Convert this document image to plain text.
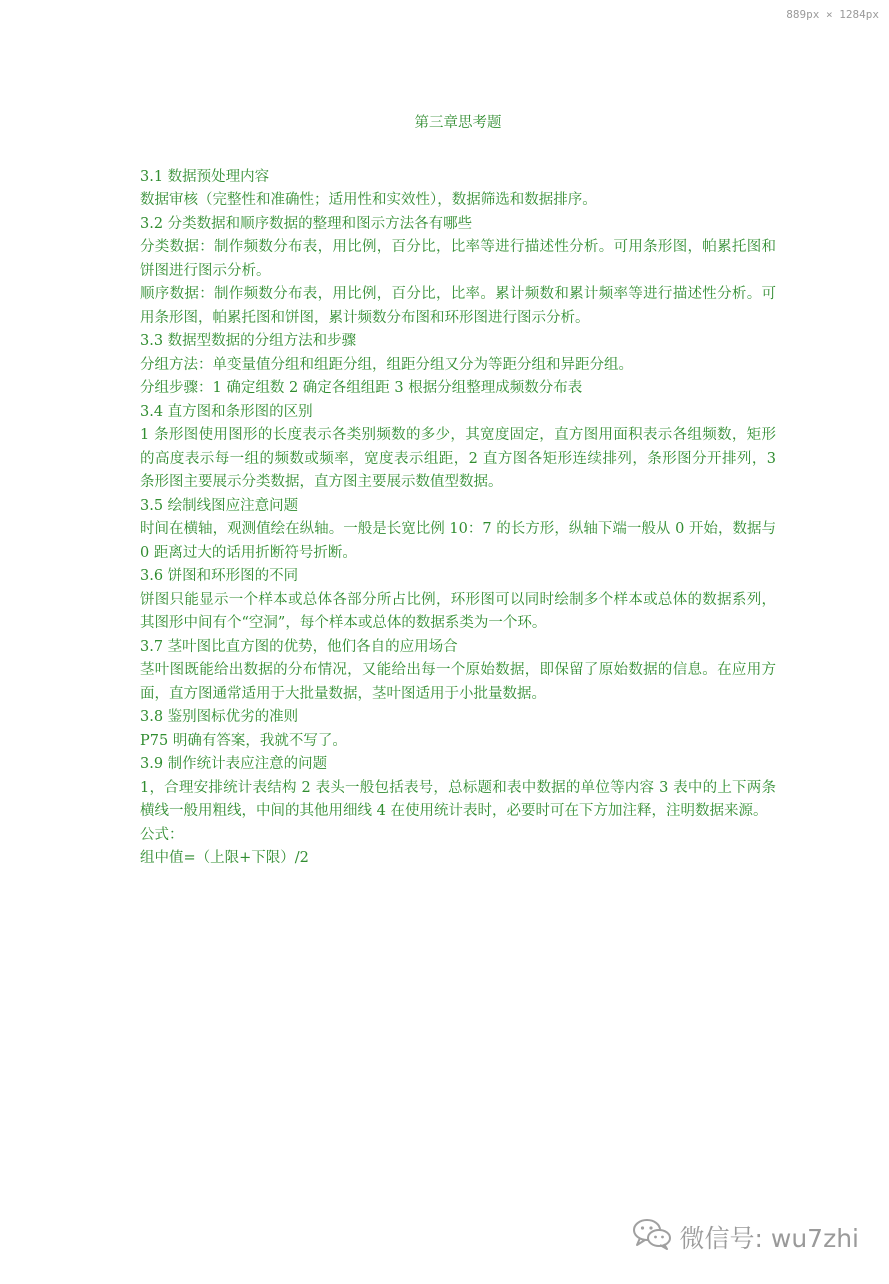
889px × 1284px
第三章思考题

3.1 数据预处理内容

数据审核（完整性和准确性；适用性和实效性），数据筛选和数据排序。

3.2 分类数据和顺序数据的整理和图示方法各有哪些

分类数据：制作频数分布表，用比例，百分比，比率等进行描述性分析。可用条形图，帕累托图和饼图进行图示分析。

顺序数据：制作频数分布表，用比例，百分比，比率。累计频数和累计频率等进行描述性分析。可用条形图，帕累托图和饼图，累计频数分布图和环形图进行图示分析。

3.3 数据型数据的分组方法和步骤

分组方法：单变量值分组和组距分组，组距分组又分为等距分组和异距分组。

分组步骤：1 确定组数 2 确定各组组距 3 根据分组整理成频数分布表

3.4 直方图和条形图的区别

1 条形图使用图形的长度表示各类别频数的多少，其宽度固定，直方图用面积表示各组频数，矩形的高度表示每一组的频数或频率，宽度表示组距，2 直方图各矩形连续排列，条形图分开排列，3 条形图主要展示分类数据，直方图主要展示数值型数据。

3.5 绘制线图应注意问题

时间在横轴，观测值绘在纵轴。一般是长宽比例 10：7 的长方形，纵轴下端一般从 0 开始，数据与 0 距离过大的话用折断符号折断。

3.6 饼图和环形图的不同

饼图只能显示一个样本或总体各部分所占比例，环形图可以同时绘制多个样本或总体的数据系列，其图形中间有个“空洞”，每个样本或总体的数据系类为一个环。

3.7 茎叶图比直方图的优势，他们各自的应用场合

茎叶图既能给出数据的分布情况，又能给出每一个原始数据，即保留了原始数据的信息。在应用方面，直方图通常适用于大批量数据，茎叶图适用于小批量数据。

3.8 鉴别图标优劣的准则

P75 明确有答案，我就不写了。

3.9 制作统计表应注意的问题

1，合理安排统计表结构 2 表头一般包括表号，总标题和表中数据的单位等内容 3 表中的上下两条横线一般用粗线，中间的其他用细线 4 在使用统计表时，必要时可在下方加注释，注明数据来源。

公式：

组中值=（上限+下限）/2

微信号: wu7zhi
